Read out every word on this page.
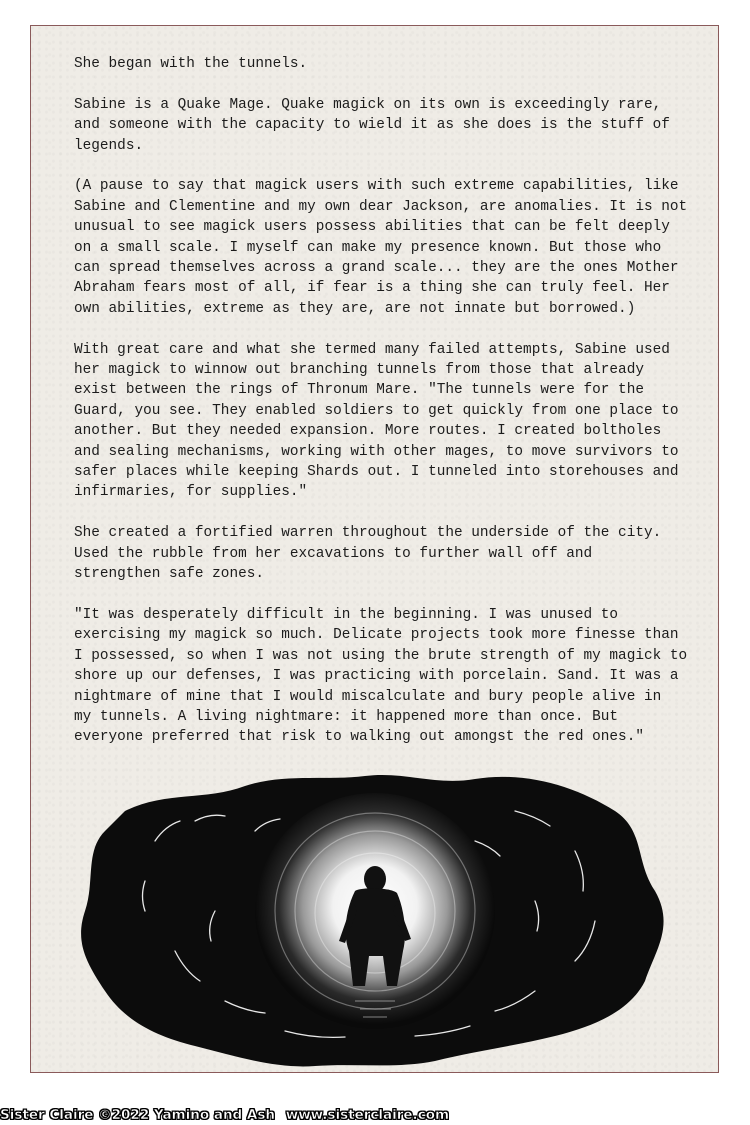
She began with the tunnels.

Sabine is a Quake Mage. Quake magick on its own is exceedingly rare,
and someone with the capacity to wield it as she does is the stuff of
legends.

(A pause to say that magick users with such extreme capabilities, like
Sabine and Clementine and my own dear Jackson, are anomalies. It is not
unusual to see magick users possess abilities that can be felt deeply
on a small scale. I myself can make my presence known. But those who
can spread themselves across a grand scale... they are the ones Mother
Abraham fears most of all, if fear is a thing she can truly feel. Her
own abilities, extreme as they are, are not innate but borrowed.)

With great care and what she termed many failed attempts, Sabine used
her magick to winnow out branching tunnels from those that already
exist between the rings of Thronum Mare. "The tunnels were for the
Guard, you see. They enabled soldiers to get quickly from one place to
another. But they needed expansion. More routes. I created boltholes
and sealing mechanisms, working with other mages, to move survivors to
safer places while keeping Shards out. I tunneled into storehouses and
infirmaries, for supplies."

She created a fortified warren throughout the underside of the city.
Used the rubble from her excavations to further wall off and
strengthen safe zones.

"It was desperately difficult in the beginning. I was unused to
exercising my magick so much. Delicate projects took more finesse than
I possessed, so when I was not using the brute strength of my magick to
shore up our defenses, I was practicing with porcelain. Sand. It was a
nightmare of mine that I would miscalculate and bury people alive in
my tunnels. A living nightmare: it happened more than once. But
everyone preferred that risk to walking out amongst the red ones."

Sister Claire ©2022 Yamino and Ash www.sisterclaire.com
